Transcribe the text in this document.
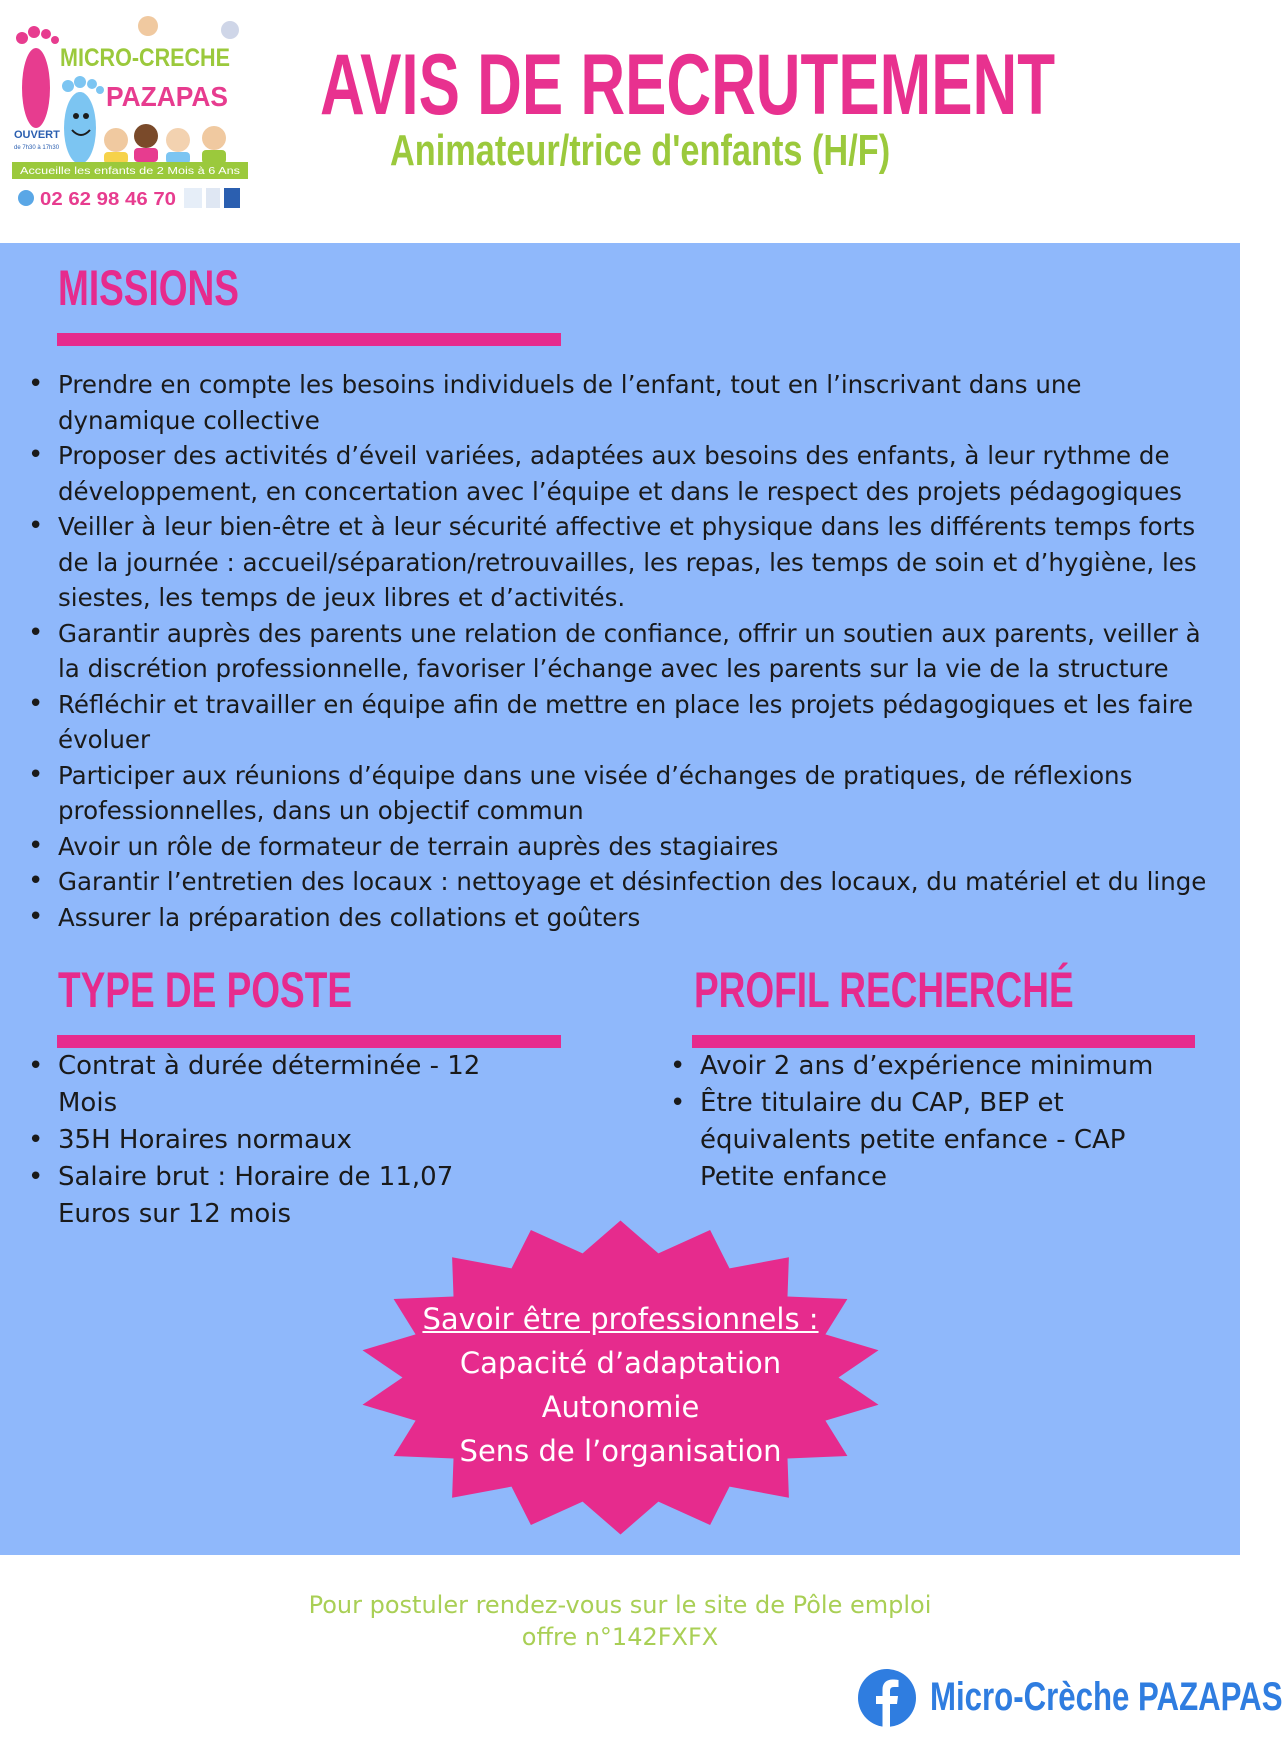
MICRO-CRECHE
PAZAPAS
OUVERT
de 7h30 à 17h30
Accueille les enfants de 2 Mois à 6 Ans
02 62 98 46 70
AVIS DE RECRUTEMENT
Animateur/trice d'enfants (H/F)
MISSIONS
• Prendre en compte les besoins individuels de l’enfant, tout en l’inscrivant dans une dynamique collective
• Proposer des activités d’éveil variées, adaptées aux besoins des enfants, à leur rythme de développement, en concertation avec l’équipe et dans le respect des projets pédagogiques
• Veiller à leur bien-être et à leur sécurité affective et physique dans les différents temps forts de la journée : accueil/séparation/retrouvailles, les repas, les temps de soin et d’hygiène, les siestes, les temps de jeux libres et d’activités.
• Garantir auprès des parents une relation de confiance, offrir un soutien aux parents, veiller à la discrétion professionnelle, favoriser l’échange avec les parents sur la vie de la structure
• Réfléchir et travailler en équipe afin de mettre en place les projets pédagogiques et les faire évoluer
• Participer aux réunions d’équipe dans une visée d’échanges de pratiques, de réflexions professionnelles, dans un objectif commun
• Avoir un rôle de formateur de terrain auprès des stagiaires
• Garantir l’entretien des locaux : nettoyage et désinfection des locaux, du matériel et du linge
• Assurer la préparation des collations et goûters
TYPE DE POSTE
• Contrat à durée déterminée - 12 Mois
• 35H Horaires normaux
• Salaire brut : Horaire de 11,07 Euros sur 12 mois
PROFIL RECHERCHÉ
• Avoir 2 ans d’expérience minimum
• Être titulaire du CAP, BEP et équivalents petite enfance - CAP Petite enfance
Savoir être professionnels :
Capacité d’adaptation
Autonomie
Sens de l’organisation
Pour postuler rendez-vous sur le site de Pôle emploi
offre n°142FXFX
Micro-Crèche PAZAPAS
